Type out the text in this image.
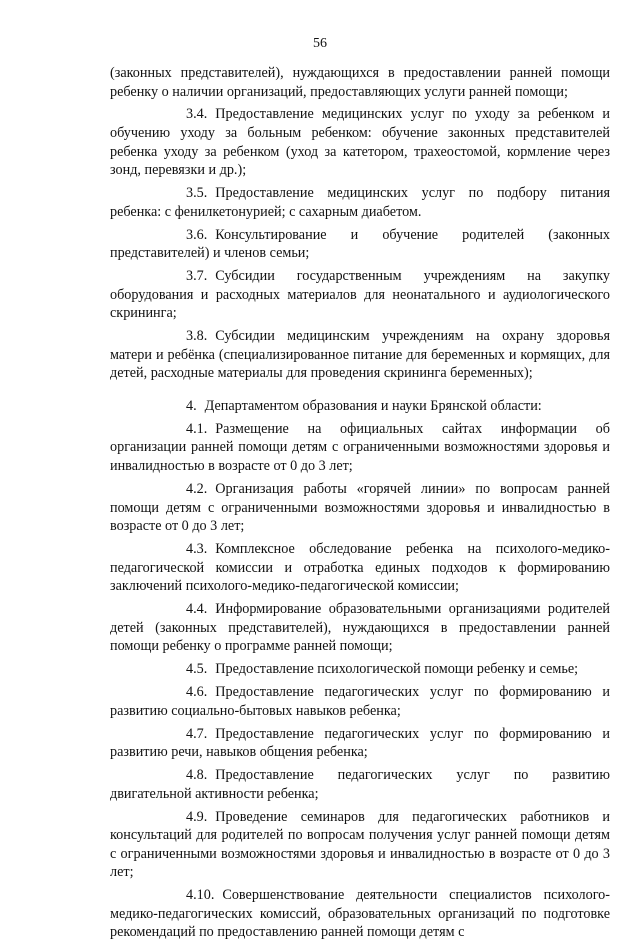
56

(законных представителей), нуждающихся в предоставлении ранней помощи ребенку о наличии организаций, предоставляющих услуги ранней помощи;

3.4. Предоставление медицинских услуг по уходу за ребенком и обучению уходу за больным ребенком: обучение законных представителей ребенка уходу за ребенком (уход за катетором, трахеостомой, кормление через зонд, перевязки и др.);

3.5. Предоставление медицинских услуг по подбору питания ребенка: с фенилкетонурией; с сахарным диабетом.

3.6. Консультирование и обучение родителей (законных представителей) и членов семьи;

3.7. Субсидии государственным учреждениям на закупку оборудования и расходных материалов для неонатального и аудиологического скрининга;

3.8. Субсидии медицинским учреждениям на охрану здоровья матери и ребёнка (специализированное питание для беременных и кормящих, для детей, расходные материалы для проведения скрининга беременных);

4. Департаментом образования и науки Брянской области:

4.1. Размещение на официальных сайтах информации об организации ранней помощи детям с ограниченными возможностями здоровья и инвалидностью в возрасте от 0 до 3 лет;

4.2. Организация работы «горячей линии» по вопросам ранней помощи детям с ограниченными возможностями здоровья и инвалидностью в возрасте от 0 до 3 лет;

4.3. Комплексное обследование ребенка на психолого-медико-педагогической комиссии и отработка единых подходов к формированию заключений психолого-медико-педагогической комиссии;

4.4. Информирование образовательными организациями родителей детей (законных представителей), нуждающихся в предоставлении ранней помощи ребенку о программе ранней помощи;

4.5. Предоставление психологической помощи ребенку и семье;

4.6. Предоставление педагогических услуг по формированию и развитию социально-бытовых навыков ребенка;

4.7. Предоставление педагогических услуг по формированию и развитию речи, навыков общения ребенка;

4.8. Предоставление педагогических услуг по развитию двигательной активности ребенка;

4.9. Проведение семинаров для педагогических работников и консультаций для родителей по вопросам получения услуг ранней помощи детям с ограниченными возможностями здоровья и инвалидностью в возрасте от 0 до 3 лет;

4.10. Совершенствование деятельности специалистов психолого-медико-педагогических комиссий, образовательных организаций по подготовке рекомендаций по предоставлению ранней помощи детям с
